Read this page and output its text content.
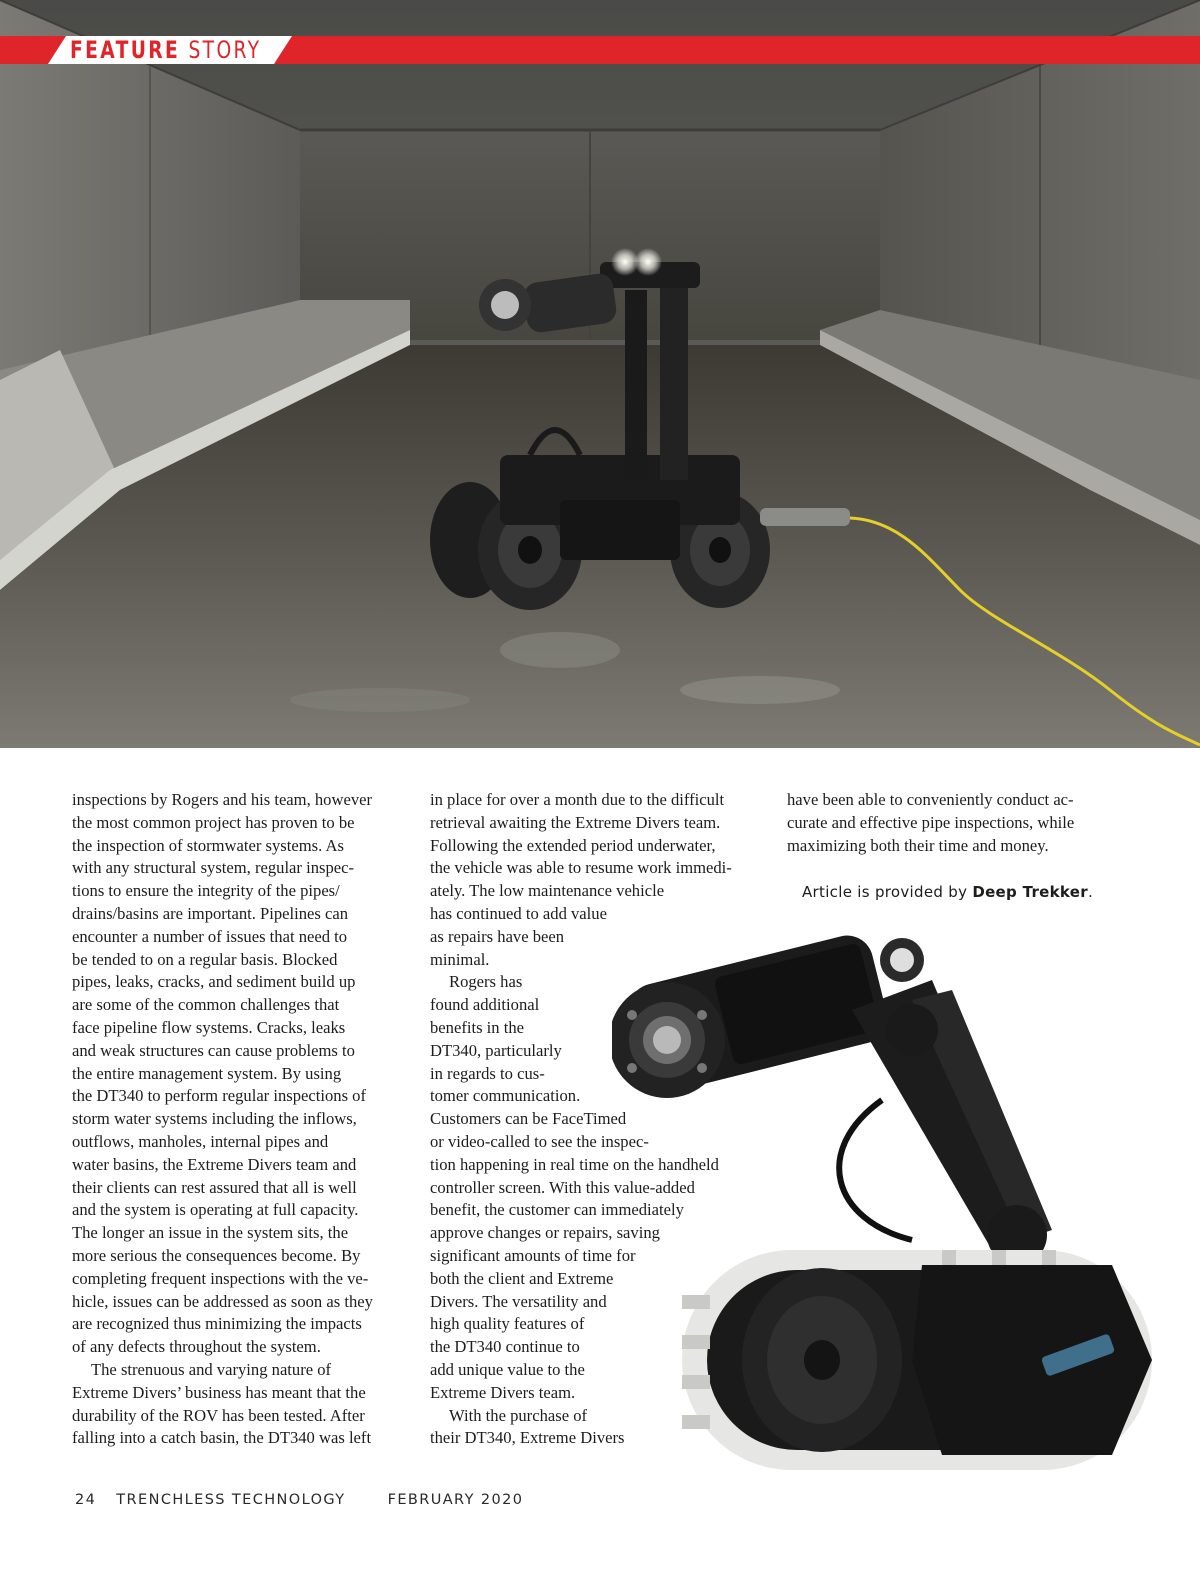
FEATURE STORY

inspections by Rogers and his team, however

the most common project has proven to be

the inspection of stormwater systems. As

with any structural system, regular inspec-

tions to ensure the integrity of the pipes/

drains/basins are important. Pipelines can

encounter a number of issues that need to

be tended to on a regular basis. Blocked

pipes, leaks, cracks, and sediment build up

are some of the common challenges that

face pipeline flow systems. Cracks, leaks

and weak structures can cause problems to

the entire management system. By using

the DT340 to perform regular inspections of

storm water systems including the inflows,

outflows, manholes, internal pipes and

water basins, the Extreme Divers team and

their clients can rest assured that all is well

and the system is operating at full capacity.

The longer an issue in the system sits, the

more serious the consequences become. By

completing frequent inspections with the ve-

hicle, issues can be addressed as soon as they

are recognized thus minimizing the impacts

of any defects throughout the system.

The strenuous and varying nature of

Extreme Divers’ business has meant that the

durability of the ROV has been tested. After

falling into a catch basin, the DT340 was left

in place for over a month due to the difficult

retrieval awaiting the Extreme Divers team.

Following the extended period underwater,

the vehicle was able to resume work immedi-

ately. The low maintenance vehicle

has continued to add value

as repairs have been

minimal.

Rogers has

found additional

benefits in the

DT340, particularly

in regards to cus-

tomer communication.

Customers can be FaceTimed

or video-called to see the inspec-

tion happening in real time on the handheld

controller screen. With this value-added

benefit, the customer can immediately

approve changes or repairs, saving

significant amounts of time for

both the client and Extreme

Divers. The versatility and

high quality features of

the DT340 continue to

add unique value to the

Extreme Divers team.

With the purchase of

their DT340, Extreme Divers

have been able to conveniently conduct ac-

curate and effective pipe inspections, while

maximizing both their time and money.

Article is provided by Deep Trekker.

24 TRENCHLESS TECHNOLOGY	FEBRUARY 2020
